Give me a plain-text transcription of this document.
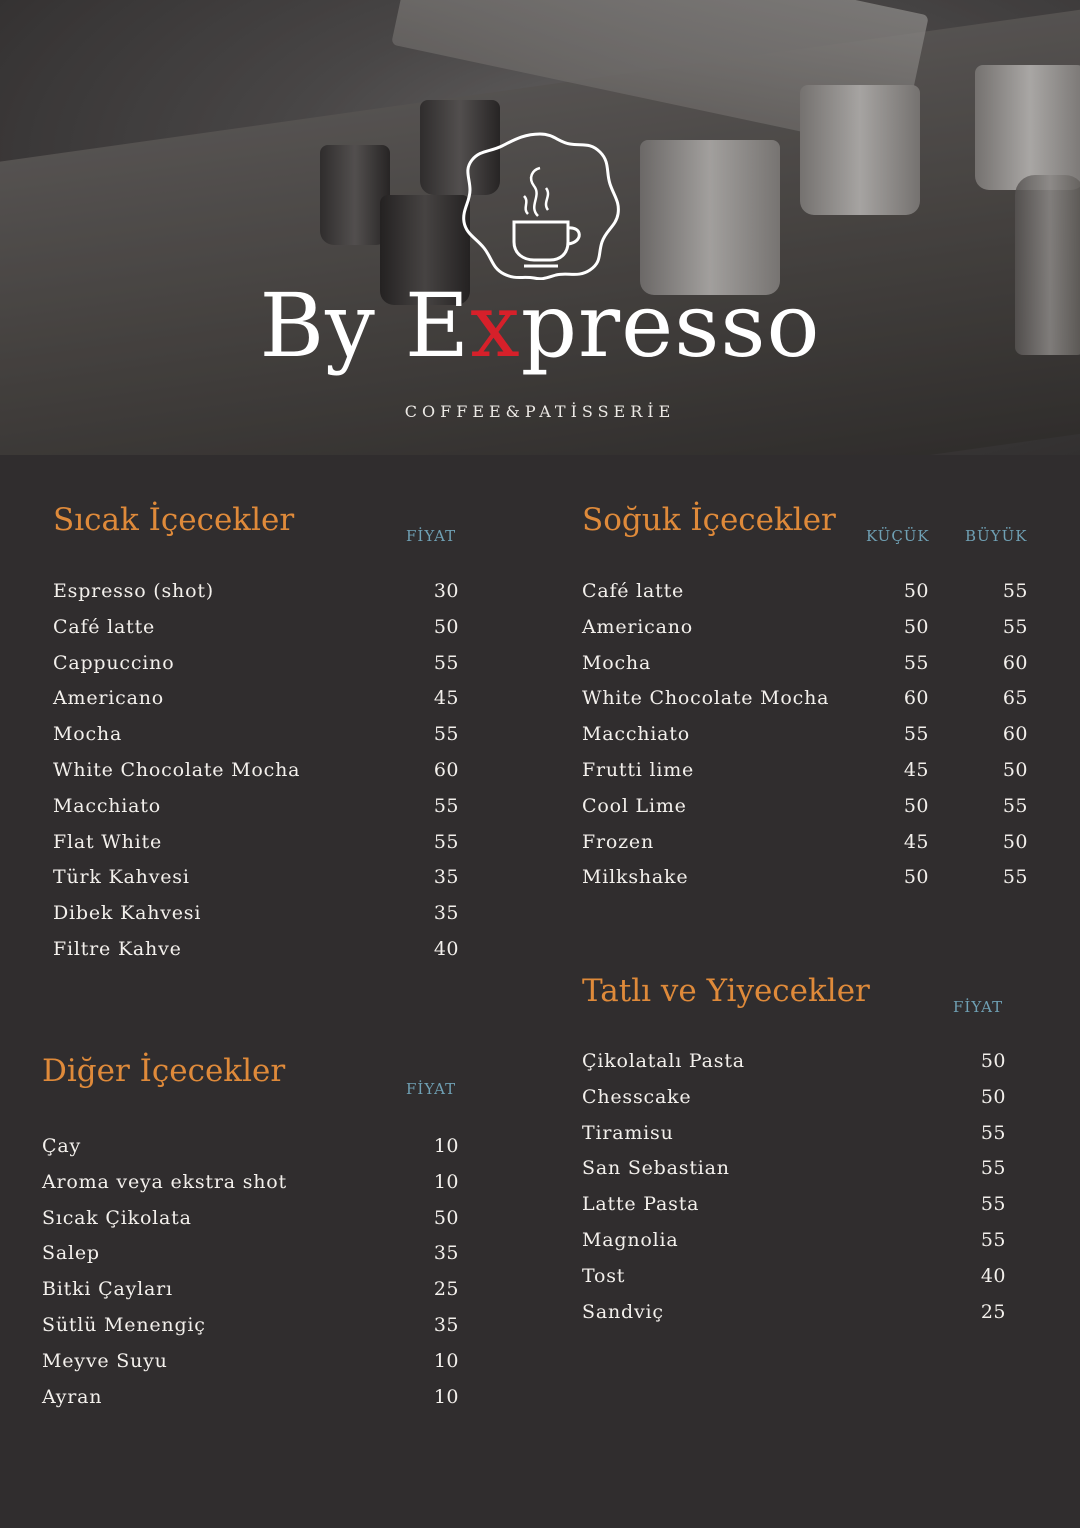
By Expresso
COFFEE&PATİSSERİE
Sıcak İçecekler	FİYAT
Espresso (shot)	30
Café latte	50
Cappuccino	55
Americano	45
Mocha	55
White Chocolate Mocha	60
Macchiato	55
Flat White	55
Türk Kahvesi	35
Dibek Kahvesi	35
Filtre Kahve	40
Soğuk İçecekler	KÜÇÜK BÜYÜK
Café latte	50	55
Americano	50	55
Mocha	55	60
White Chocolate Mocha	60	65
Macchiato	55	60
Frutti lime	45	50
Cool Lime	50	55
Frozen	45	50
Milkshake	50	55
Diğer İçecekler	FİYAT
Çay	10
Aroma veya ekstra shot	10
Sıcak Çikolata	50
Salep	35
Bitki Çayları	25
Sütlü Menengiç	35
Meyve Suyu	10
Ayran	10
Tatlı ve Yiyecekler	FİYAT
Çikolatalı Pasta	50
Chesscake	50
Tiramisu	55
San Sebastian	55
Latte Pasta	55
Magnolia	55
Tost	40
Sandviç	25
